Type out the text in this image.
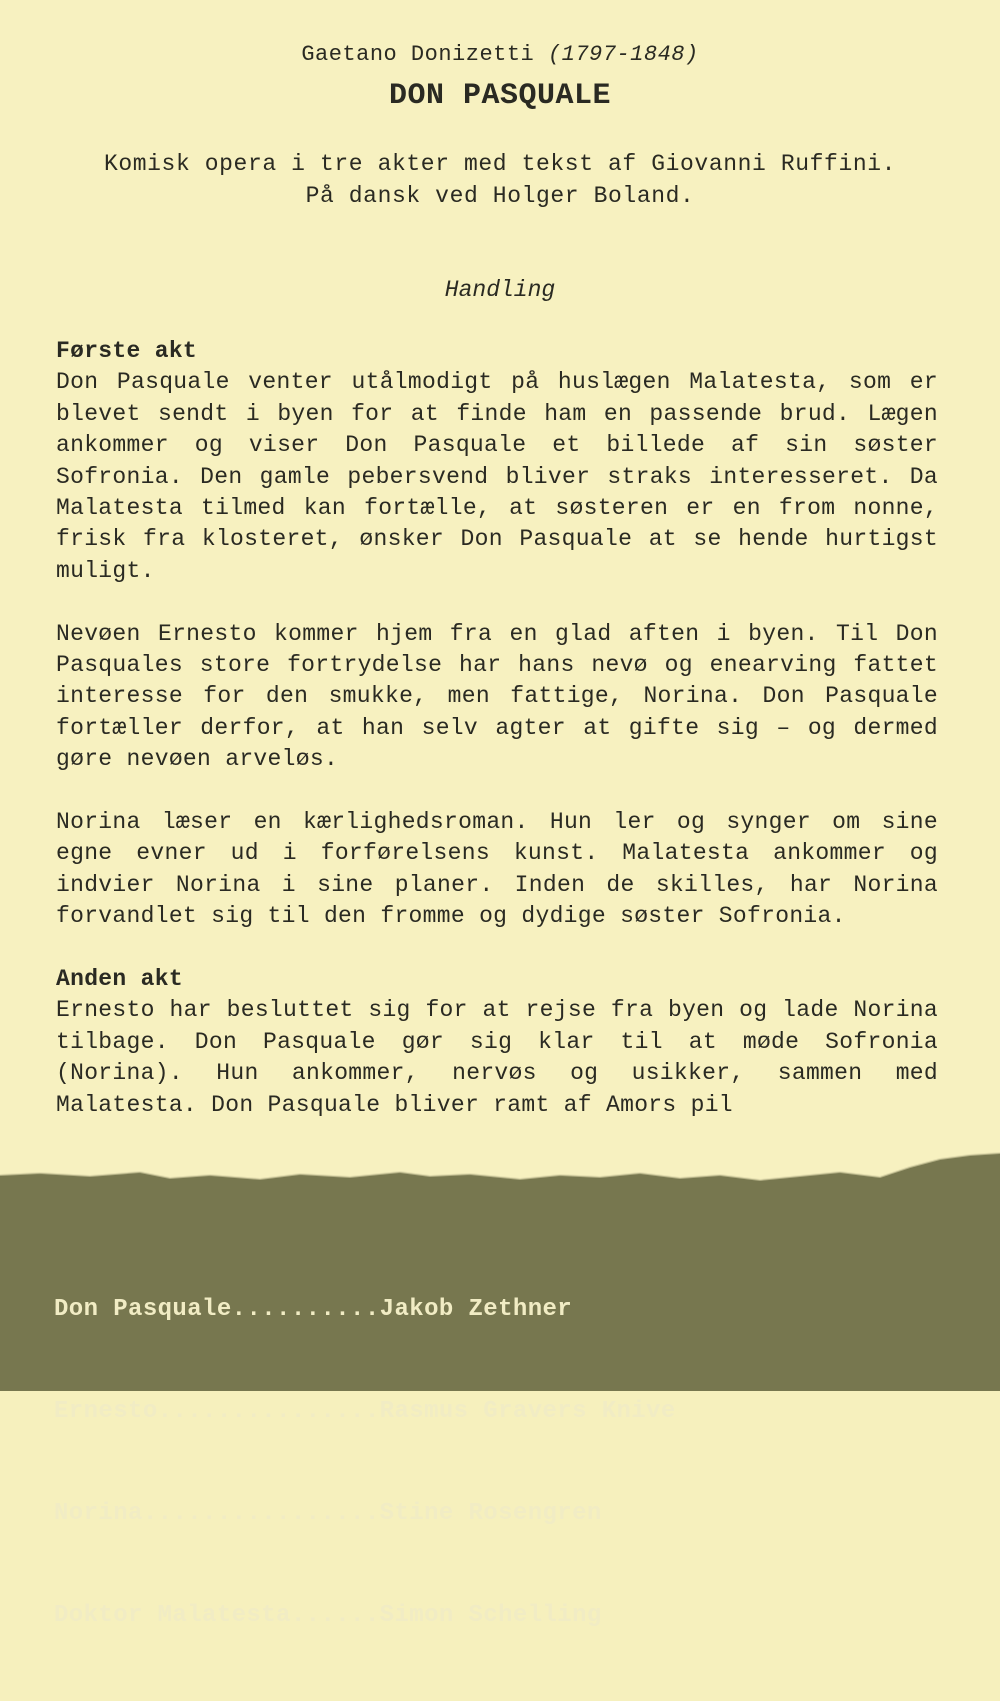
Gaetano Donizetti (1797-1848)
DON PASQUALE
Komisk opera i tre akter med tekst af Giovanni Ruffini.
På dansk ved Holger Boland.
Handling
Første akt

Don Pasquale venter utålmodigt på huslægen Malatesta, som er blevet sendt i byen for at finde ham en passende brud. Lægen ankommer og viser Don Pasquale et billede af sin søster Sofronia. Den gamle pebersvend bliver straks interesseret. Da Malatesta tilmed kan fortælle, at søsteren er en from nonne, frisk fra klosteret, ønsker Don Pasquale at se hende hurtigst muligt.

Nevøen Ernesto kommer hjem fra en glad aften i byen. Til Don Pasquales store fortrydelse har hans nevø og enearving fattet interesse for den smukke, men fattige, Norina. Don Pasquale fortæller derfor, at han selv agter at gifte sig – og dermed gøre nevøen arveløs.

Norina læser en kærlighedsroman. Hun ler og synger om sine egne evner ud i forførelsens kunst. Malatesta ankommer og indvier Norina i sine planer. Inden de skilles, har Norina forvandlet sig til den fromme og dydige søster Sofronia.

Anden akt

Ernesto har besluttet sig for at rejse fra byen og lade Norina tilbage. Don Pasquale gør sig klar til at møde Sofronia (Norina). Hun ankommer, nervøs og usikker, sammen med Malatesta. Don Pasquale bliver ramt af Amors pil

Don Pasquale..........Jakob Zethner

Ernesto...............Rasmus Gravers Knive

Norina................Stine Rosengren

Doktor Malatesta......Simon Schelling
